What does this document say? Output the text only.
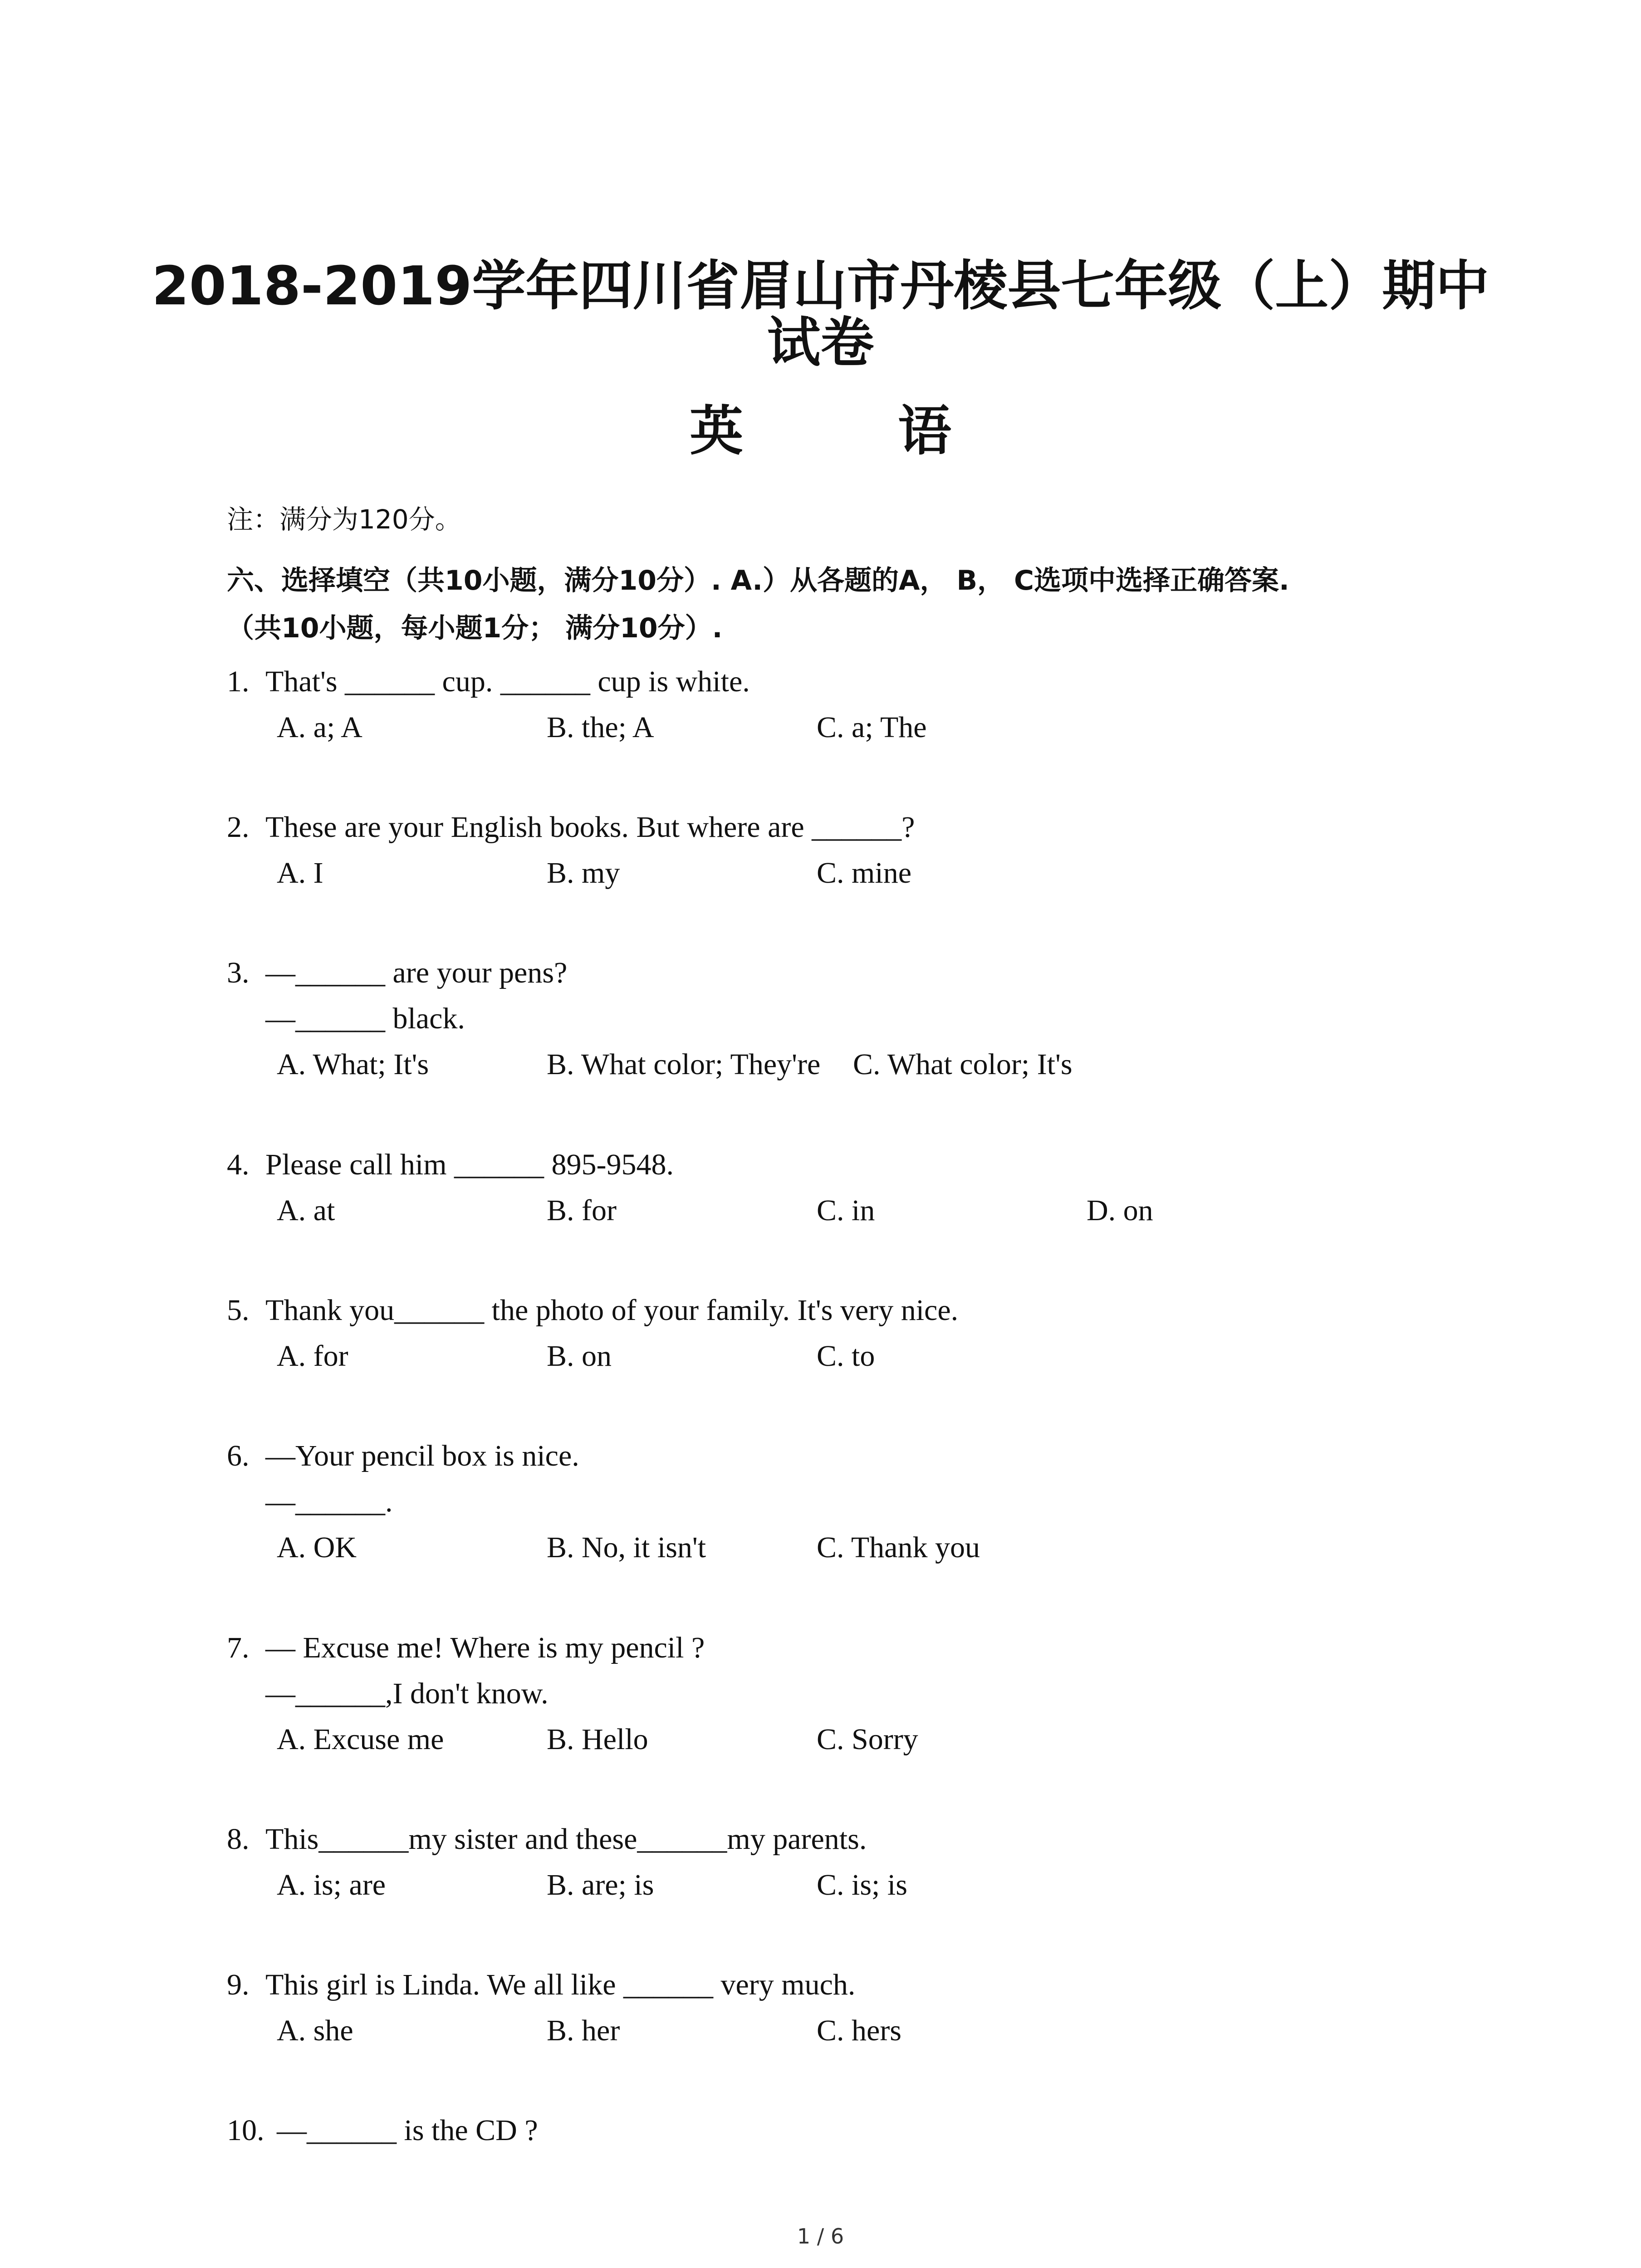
2018-2019学年四川省眉山市丹棱县七年级（上）期中
试卷
英 语
注：满分为120分。
六、选择填空（共10小题，满分10分）. A.）从各题的A， B， C选项中选择正确答案.
（共10小题，每小题1分； 满分10分）.
1. That's ______ cup. ______ cup is white.
A. a; A	B. the; A	C. a; The
2. These are your English books. But where are ______?
A. I	B. my	C. mine
3. —______ are your pens?
—______ black.
A. What; It's	B. What color; They're C. What color; It's
4. Please call him ______ 895-9548.
A. at	B. for	C. in	D. on
5. Thank you______ the photo of your family. It's very nice.
A. for	B. on	C. to
6. —Your pencil box is nice.
—______.
A. OK	B. No, it isn't	C. Thank you
7. — Excuse me! Where is my pencil ?
—______,I don't know.
A. Excuse me	B. Hello	C. Sorry
8. This______my sister and these______my parents.
A. is; are	B. are; is	C. is; is
9. This girl is Linda. We all like ______ very much.
A. she	B. her	C. hers
10. —______ is the CD ?
1 / 6
